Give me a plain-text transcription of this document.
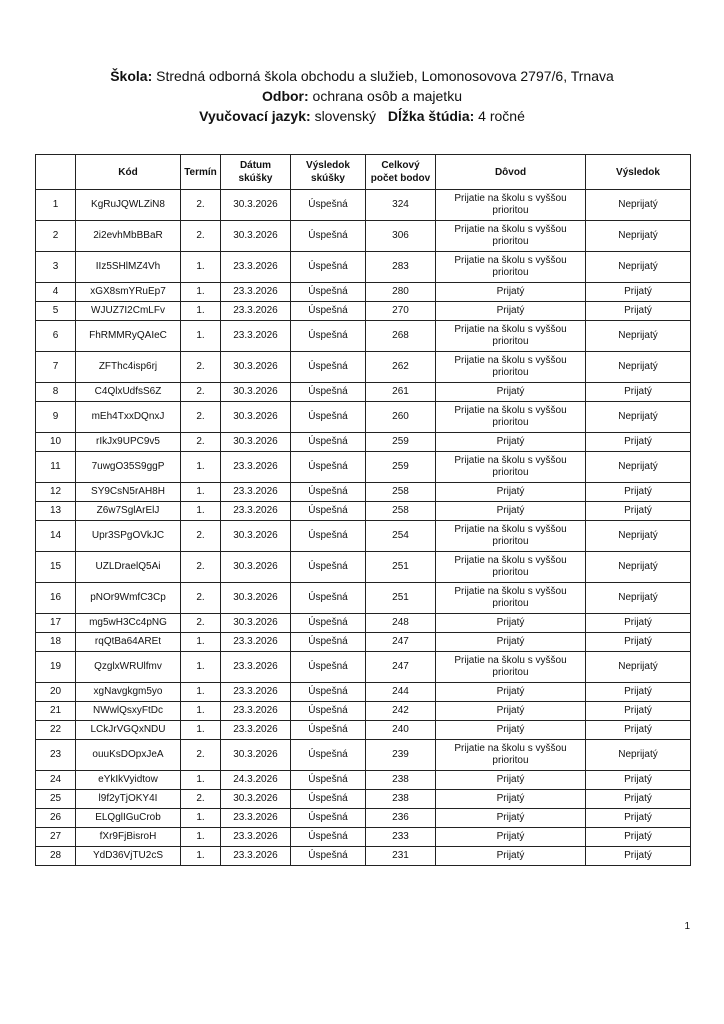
Škola: Stredná odborná škola obchodu a služieb, Lomonosovova 2797/6, Trnava
Odbor: ochrana osôb a majetku
Vyučovací jazyk: slovenský Dĺžka štúdia: 4 ročné
	Kód	Termín	Dátum skúšky	Výsledok skúšky	Celkový počet bodov	Dôvod	Výsledok
1	KgRuJQWLZiN8	2.	30.3.2026	Úspešná	324	Prijatie na školu s vyššou prioritou	Neprijatý
2	2i2evhMbBBaR	2.	30.3.2026	Úspešná	306	Prijatie na školu s vyššou prioritou	Neprijatý
3	IIz5SHlMZ4Vh	1.	23.3.2026	Úspešná	283	Prijatie na školu s vyššou prioritou	Neprijatý
4	xGX8smYRuEp7	1.	23.3.2026	Úspešná	280	Prijatý	Prijatý
5	WJUZ7I2CmLFv	1.	23.3.2026	Úspešná	270	Prijatý	Prijatý
6	FhRMMRyQAIeC	1.	23.3.2026	Úspešná	268	Prijatie na školu s vyššou prioritou	Neprijatý
7	ZFThc4isp6rj	2.	30.3.2026	Úspešná	262	Prijatie na školu s vyššou prioritou	Neprijatý
8	C4QlxUdfsS6Z	2.	30.3.2026	Úspešná	261	Prijatý	Prijatý
9	mEh4TxxDQnxJ	2.	30.3.2026	Úspešná	260	Prijatie na školu s vyššou prioritou	Neprijatý
10	rIkJx9UPC9v5	2.	30.3.2026	Úspešná	259	Prijatý	Prijatý
11	7uwgO35S9ggP	1.	23.3.2026	Úspešná	259	Prijatie na školu s vyššou prioritou	Neprijatý
12	SY9CsN5rAH8H	1.	23.3.2026	Úspešná	258	Prijatý	Prijatý
13	Z6w7SglArElJ	1.	23.3.2026	Úspešná	258	Prijatý	Prijatý
14	Upr3SPgOVkJC	2.	30.3.2026	Úspešná	254	Prijatie na školu s vyššou prioritou	Neprijatý
15	UZLDraelQ5Ai	2.	30.3.2026	Úspešná	251	Prijatie na školu s vyššou prioritou	Neprijatý
16	pNOr9WmfC3Cp	2.	30.3.2026	Úspešná	251	Prijatie na školu s vyššou prioritou	Neprijatý
17	mg5wH3Cc4pNG	2.	30.3.2026	Úspešná	248	Prijatý	Prijatý
18	rqQtBa64AREt	1.	23.3.2026	Úspešná	247	Prijatý	Prijatý
19	QzglxWRUlfmv	1.	23.3.2026	Úspešná	247	Prijatie na školu s vyššou prioritou	Neprijatý
20	xgNavgkgm5yo	1.	23.3.2026	Úspešná	244	Prijatý	Prijatý
21	NWwlQsxyFtDc	1.	23.3.2026	Úspešná	242	Prijatý	Prijatý
22	LCkJrVGQxNDU	1.	23.3.2026	Úspešná	240	Prijatý	Prijatý
23	ouuKsDOpxJeA	2.	30.3.2026	Úspešná	239	Prijatie na školu s vyššou prioritou	Neprijatý
24	eYkIkVyidtow	1.	24.3.2026	Úspešná	238	Prijatý	Prijatý
25	l9f2yTjOKY4I	2.	30.3.2026	Úspešná	238	Prijatý	Prijatý
26	ELQglIGuCrob	1.	23.3.2026	Úspešná	236	Prijatý	Prijatý
27	fXr9FjBisroH	1.	23.3.2026	Úspešná	233	Prijatý	Prijatý
28	YdD36VjTU2cS	1.	23.3.2026	Úspešná	231	Prijatý	Prijatý
1
